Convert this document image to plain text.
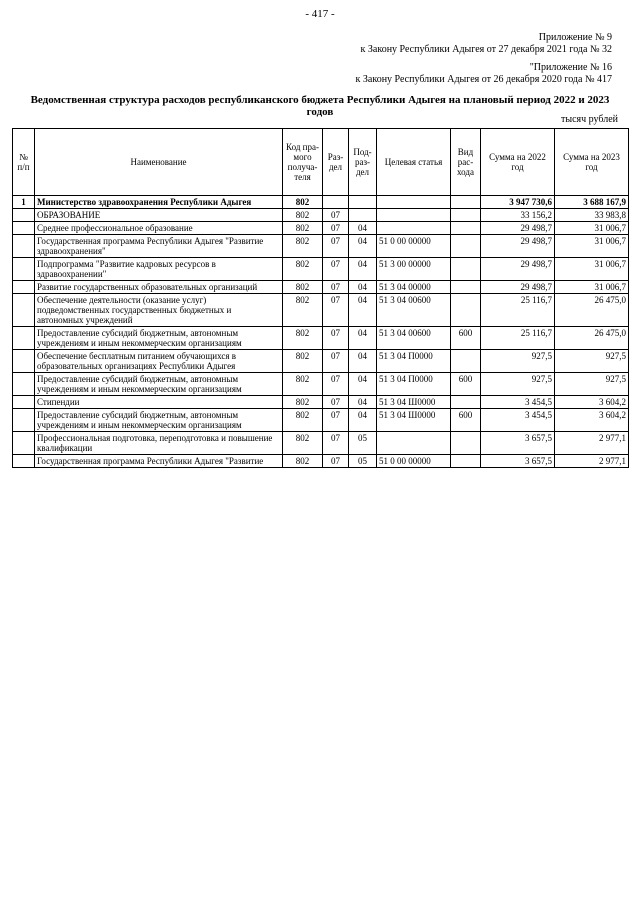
- 417 -
Приложение № 9
к Закону Республики Адыгея от 27 декабря 2021 года № 32
"Приложение № 16
к Закону Республики Адыгея от 26 декабря 2020 года № 417
Ведомственная структура расходов республиканского бюджета Республики Адыгея на плановый период 2022 и 2023 годов
тысяч рублей
№ п/п	Наименование	Код пра-мого получа-теля	Раз-дел	Под-раз-дел	Целевая статья	Вид рас-хода	Сумма на 2022 год	Сумма на 2023 год
1	Министерство здравоохранения Республики Адыгея	802					3 947 730,6	3 688 167,9
	ОБРАЗОВАНИЕ	802	07				33 156,2	33 983,8
	Среднее профессиональное образование	802	07	04			29 498,7	31 006,7
	Государственная программа Республики Адыгея "Развитие здравоохранения"	802	07	04	51 0 00 00000		29 498,7	31 006,7
	Подпрограмма "Развитие кадровых ресурсов в здравоохранении"	802	07	04	51 3 00 00000		29 498,7	31 006,7
	Развитие государственных образовательных организаций	802	07	04	51 3 04 00000		29 498,7	31 006,7
	Обеспечение деятельности (оказание услуг) подведомственных государственных бюджетных и автономных учреждений	802	07	04	51 3 04 00600		25 116,7	26 475,0
	Предоставление субсидий бюджетным, автономным учреждениям и иным некоммерческим организациям	802	07	04	51 3 04 00600	600	25 116,7	26 475,0
	Обеспечение бесплатным питанием обучающихся в образовательных организациях Республики Адыгея	802	07	04	51 3 04 П0000		927,5	927,5
	Предоставление субсидий бюджетным, автономным учреждениям и иным некоммерческим организациям	802	07	04	51 3 04 П0000	600	927,5	927,5
	Стипендии	802	07	04	51 3 04 Ш0000		3 454,5	3 604,2
	Предоставление субсидий бюджетным, автономным учреждениям и иным некоммерческим организациям	802	07	04	51 3 04 Ш0000	600	3 454,5	3 604,2
	Профессиональная подготовка, переподготовка и повышение квалификации	802	07	05			3 657,5	2 977,1
	Государственная программа Республики Адыгея "Развитие	802	07	05	51 0 00 00000		3 657,5	2 977,1
